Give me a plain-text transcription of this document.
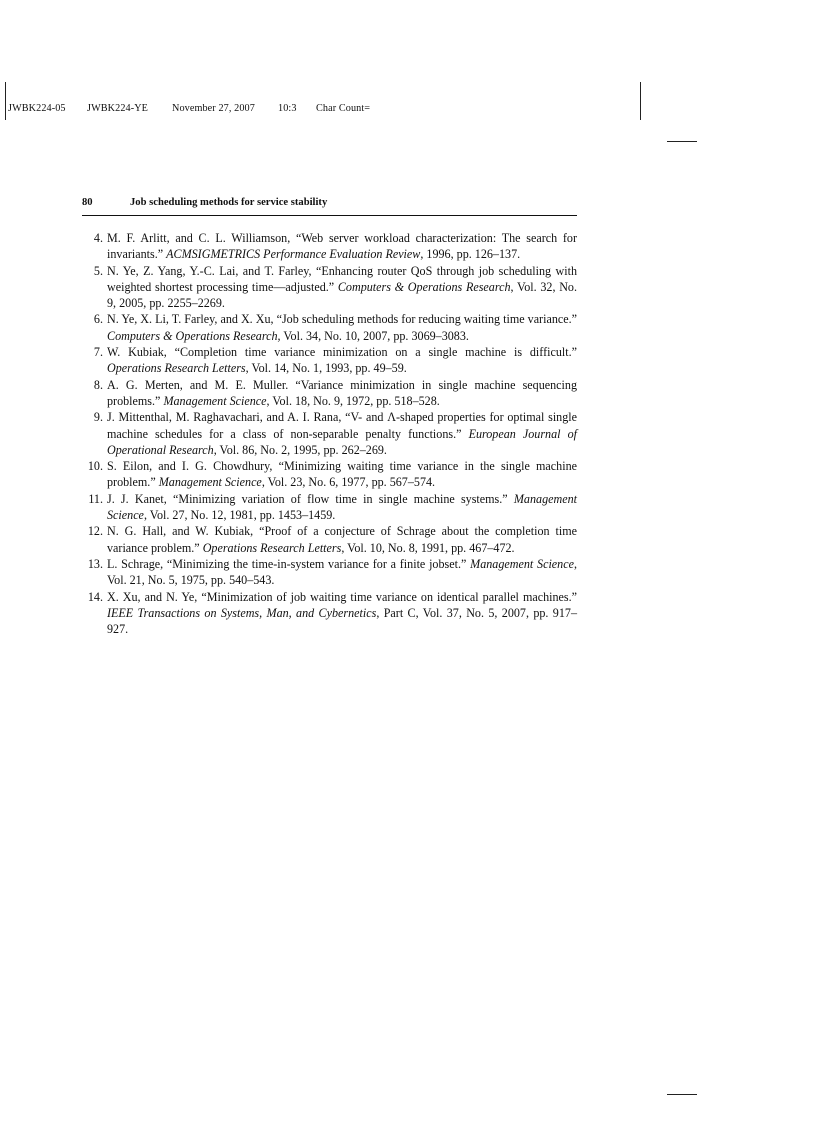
JWBK224-05 JWBK224-YE November 27, 2007 10:3 Char Count=
80	Job scheduling methods for service stability
4. M. F. Arlitt, and C. L. Williamson, “Web server workload characterization: The search for invariants.” ACMSIGMETRICS Performance Evaluation Review, 1996, pp. 126–137.
5. N. Ye, Z. Yang, Y.-C. Lai, and T. Farley, “Enhancing router QoS through job scheduling with weighted shortest processing time—adjusted.” Computers & Operations Research, Vol. 32, No. 9, 2005, pp. 2255–2269.
6. N. Ye, X. Li, T. Farley, and X. Xu, “Job scheduling methods for reducing waiting time variance.” Computers & Operations Research, Vol. 34, No. 10, 2007, pp. 3069–3083.
7. W. Kubiak, “Completion time variance minimization on a single machine is difficult.” Operations Research Letters, Vol. 14, No. 1, 1993, pp. 49–59.
8. A. G. Merten, and M. E. Muller. “Variance minimization in single machine sequencing problems.” Management Science, Vol. 18, No. 9, 1972, pp. 518–528.
9. J. Mittenthal, M. Raghavachari, and A. I. Rana, “V- and Λ-shaped properties for optimal single machine schedules for a class of non-separable penalty functions.” European Journal of Operational Research, Vol. 86, No. 2, 1995, pp. 262–269.
10. S. Eilon, and I. G. Chowdhury, “Minimizing waiting time variance in the single machine problem.” Management Science, Vol. 23, No. 6, 1977, pp. 567–574.
11. J. J. Kanet, “Minimizing variation of flow time in single machine systems.” Management Science, Vol. 27, No. 12, 1981, pp. 1453–1459.
12. N. G. Hall, and W. Kubiak, “Proof of a conjecture of Schrage about the completion time variance problem.” Operations Research Letters, Vol. 10, No. 8, 1991, pp. 467–472.
13. L. Schrage, “Minimizing the time-in-system variance for a finite jobset.” Management Science, Vol. 21, No. 5, 1975, pp. 540–543.
14. X. Xu, and N. Ye, “Minimization of job waiting time variance on identical parallel machines.” IEEE Transactions on Systems, Man, and Cybernetics, Part C, Vol. 37, No. 5, 2007, pp. 917–927.
